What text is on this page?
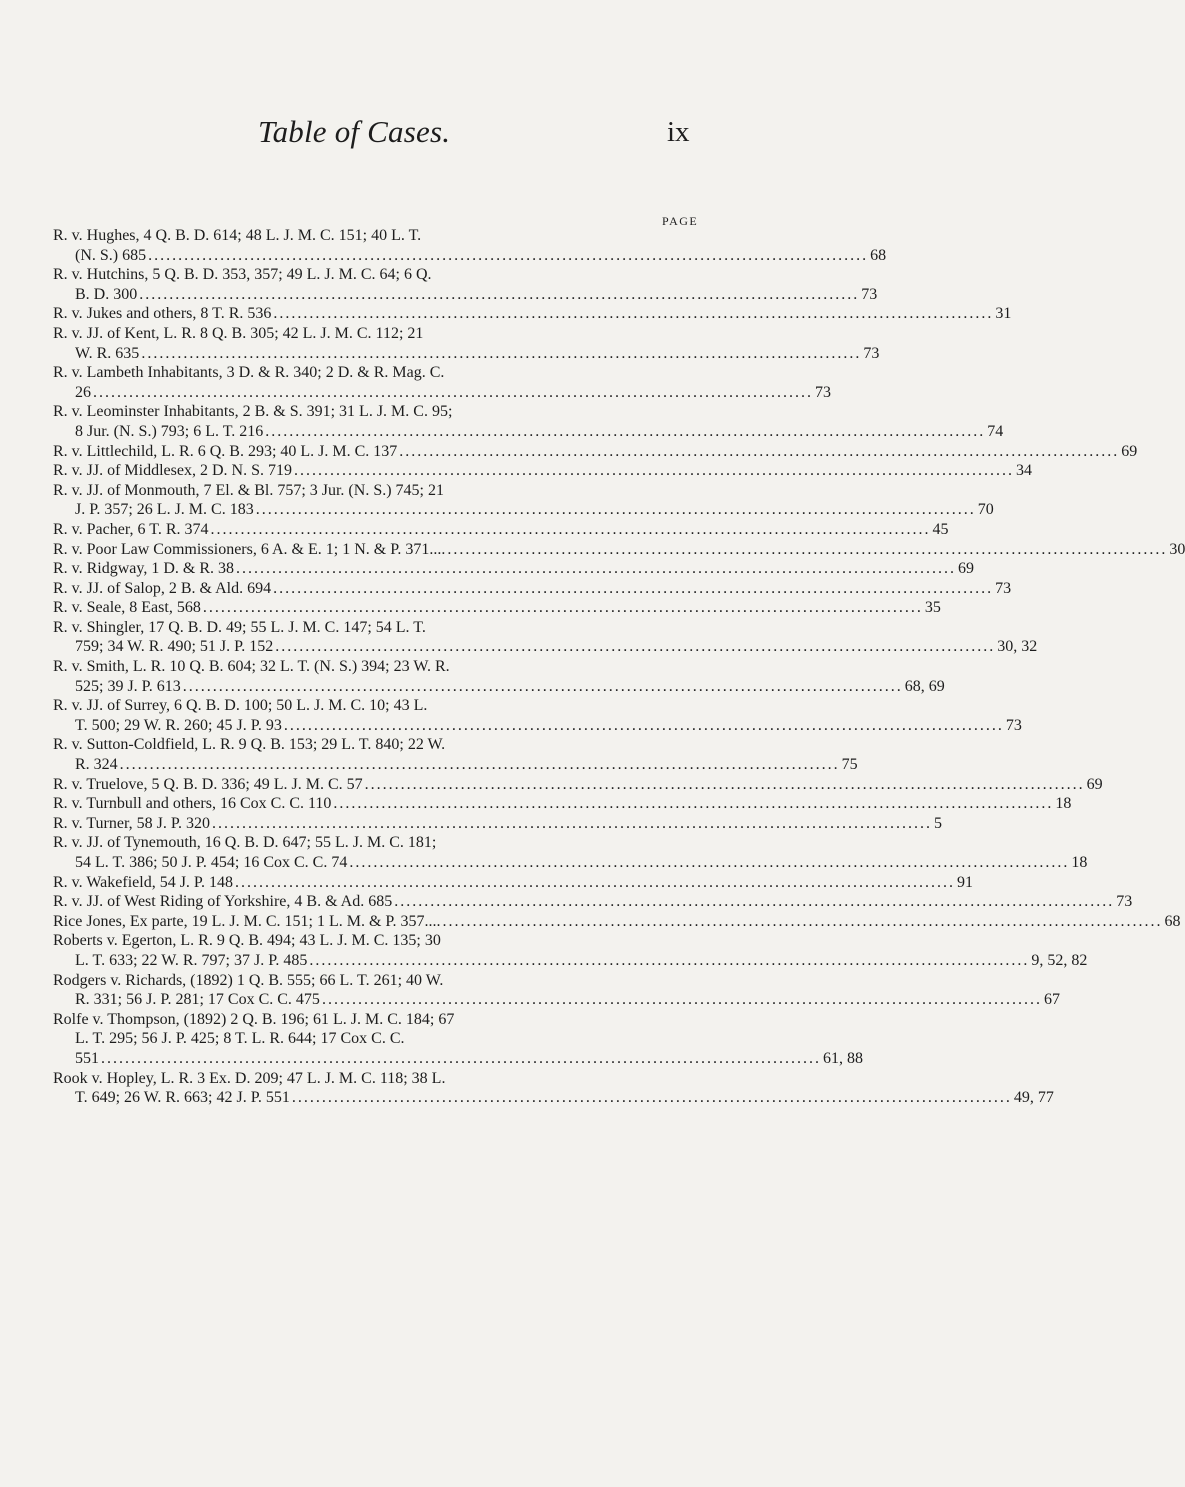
Table of Cases.	ix
PAGE
R. v. Hughes, 4 Q. B. D. 614; 48 L. J. M. C. 151; 40 L. T.
(N. S.) 685 ........................................................................................................................ 68
R. v. Hutchins, 5 Q. B. D. 353, 357; 49 L. J. M. C. 64; 6 Q.
B. D. 300 ........................................................................................................................ 73
R. v. Jukes and others, 8 T. R. 536 ........................................................................................................................ 31
R. v. JJ. of Kent, L. R. 8 Q. B. 305; 42 L. J. M. C. 112; 21
W. R. 635 ........................................................................................................................ 73
R. v. Lambeth Inhabitants, 3 D. & R. 340; 2 D. & R. Mag. C.
26 ........................................................................................................................ 73
R. v. Leominster Inhabitants, 2 B. & S. 391; 31 L. J. M. C. 95;
8 Jur. (N. S.) 793; 6 L. T. 216 ........................................................................................................................ 74
R. v. Littlechild, L. R. 6 Q. B. 293; 40 L. J. M. C. 137 ........................................................................................................................ 69
R. v. JJ. of Middlesex, 2 D. N. S. 719 ........................................................................................................................ 34
R. v. JJ. of Monmouth, 7 El. & Bl. 757; 3 Jur. (N. S.) 745; 21
J. P. 357; 26 L. J. M. C. 183 ........................................................................................................................ 70
R. v. Pacher, 6 T. R. 374 ........................................................................................................................ 45
R. v. Poor Law Commissioners, 6 A. & E. 1; 1 N. & P. 371.... ........................................................................................................................ 30
R. v. Ridgway, 1 D. & R. 38 ........................................................................................................................ 69
R. v. JJ. of Salop, 2 B. & Ald. 694 ........................................................................................................................ 73
R. v. Seale, 8 East, 568 ........................................................................................................................ 35
R. v. Shingler, 17 Q. B. D. 49; 55 L. J. M. C. 147; 54 L. T.
759; 34 W. R. 490; 51 J. P. 152 ........................................................................................................................ 30, 32
R. v. Smith, L. R. 10 Q. B. 604; 32 L. T. (N. S.) 394; 23 W. R.
525; 39 J. P. 613 ........................................................................................................................ 68, 69
R. v. JJ. of Surrey, 6 Q. B. D. 100; 50 L. J. M. C. 10; 43 L.
T. 500; 29 W. R. 260; 45 J. P. 93 ........................................................................................................................ 73
R. v. Sutton-Coldfield, L. R. 9 Q. B. 153; 29 L. T. 840; 22 W.
R. 324 ........................................................................................................................ 75
R. v. Truelove, 5 Q. B. D. 336; 49 L. J. M. C. 57 ........................................................................................................................ 69
R. v. Turnbull and others, 16 Cox C. C. 110 ........................................................................................................................ 18
R. v. Turner, 58 J. P. 320 ........................................................................................................................ 5
R. v. JJ. of Tynemouth, 16 Q. B. D. 647; 55 L. J. M. C. 181;
54 L. T. 386; 50 J. P. 454; 16 Cox C. C. 74 ........................................................................................................................ 18
R. v. Wakefield, 54 J. P. 148 ........................................................................................................................ 91
R. v. JJ. of West Riding of Yorkshire, 4 B. & Ad. 685 ........................................................................................................................ 73
Rice Jones, Ex parte, 19 L. J. M. C. 151; 1 L. M. & P. 357.... ........................................................................................................................ 68
Roberts v. Egerton, L. R. 9 Q. B. 494; 43 L. J. M. C. 135; 30
L. T. 633; 22 W. R. 797; 37 J. P. 485 ........................................................................................................................ 9, 52, 82
Rodgers v. Richards, (1892) 1 Q. B. 555; 66 L. T. 261; 40 W.
R. 331; 56 J. P. 281; 17 Cox C. C. 475 ........................................................................................................................ 67
Rolfe v. Thompson, (1892) 2 Q. B. 196; 61 L. J. M. C. 184; 67
L. T. 295; 56 J. P. 425; 8 T. L. R. 644; 17 Cox C. C.
551 ........................................................................................................................ 61, 88
Rook v. Hopley, L. R. 3 Ex. D. 209; 47 L. J. M. C. 118; 38 L.
T. 649; 26 W. R. 663; 42 J. P. 551 ........................................................................................................................ 49, 77
